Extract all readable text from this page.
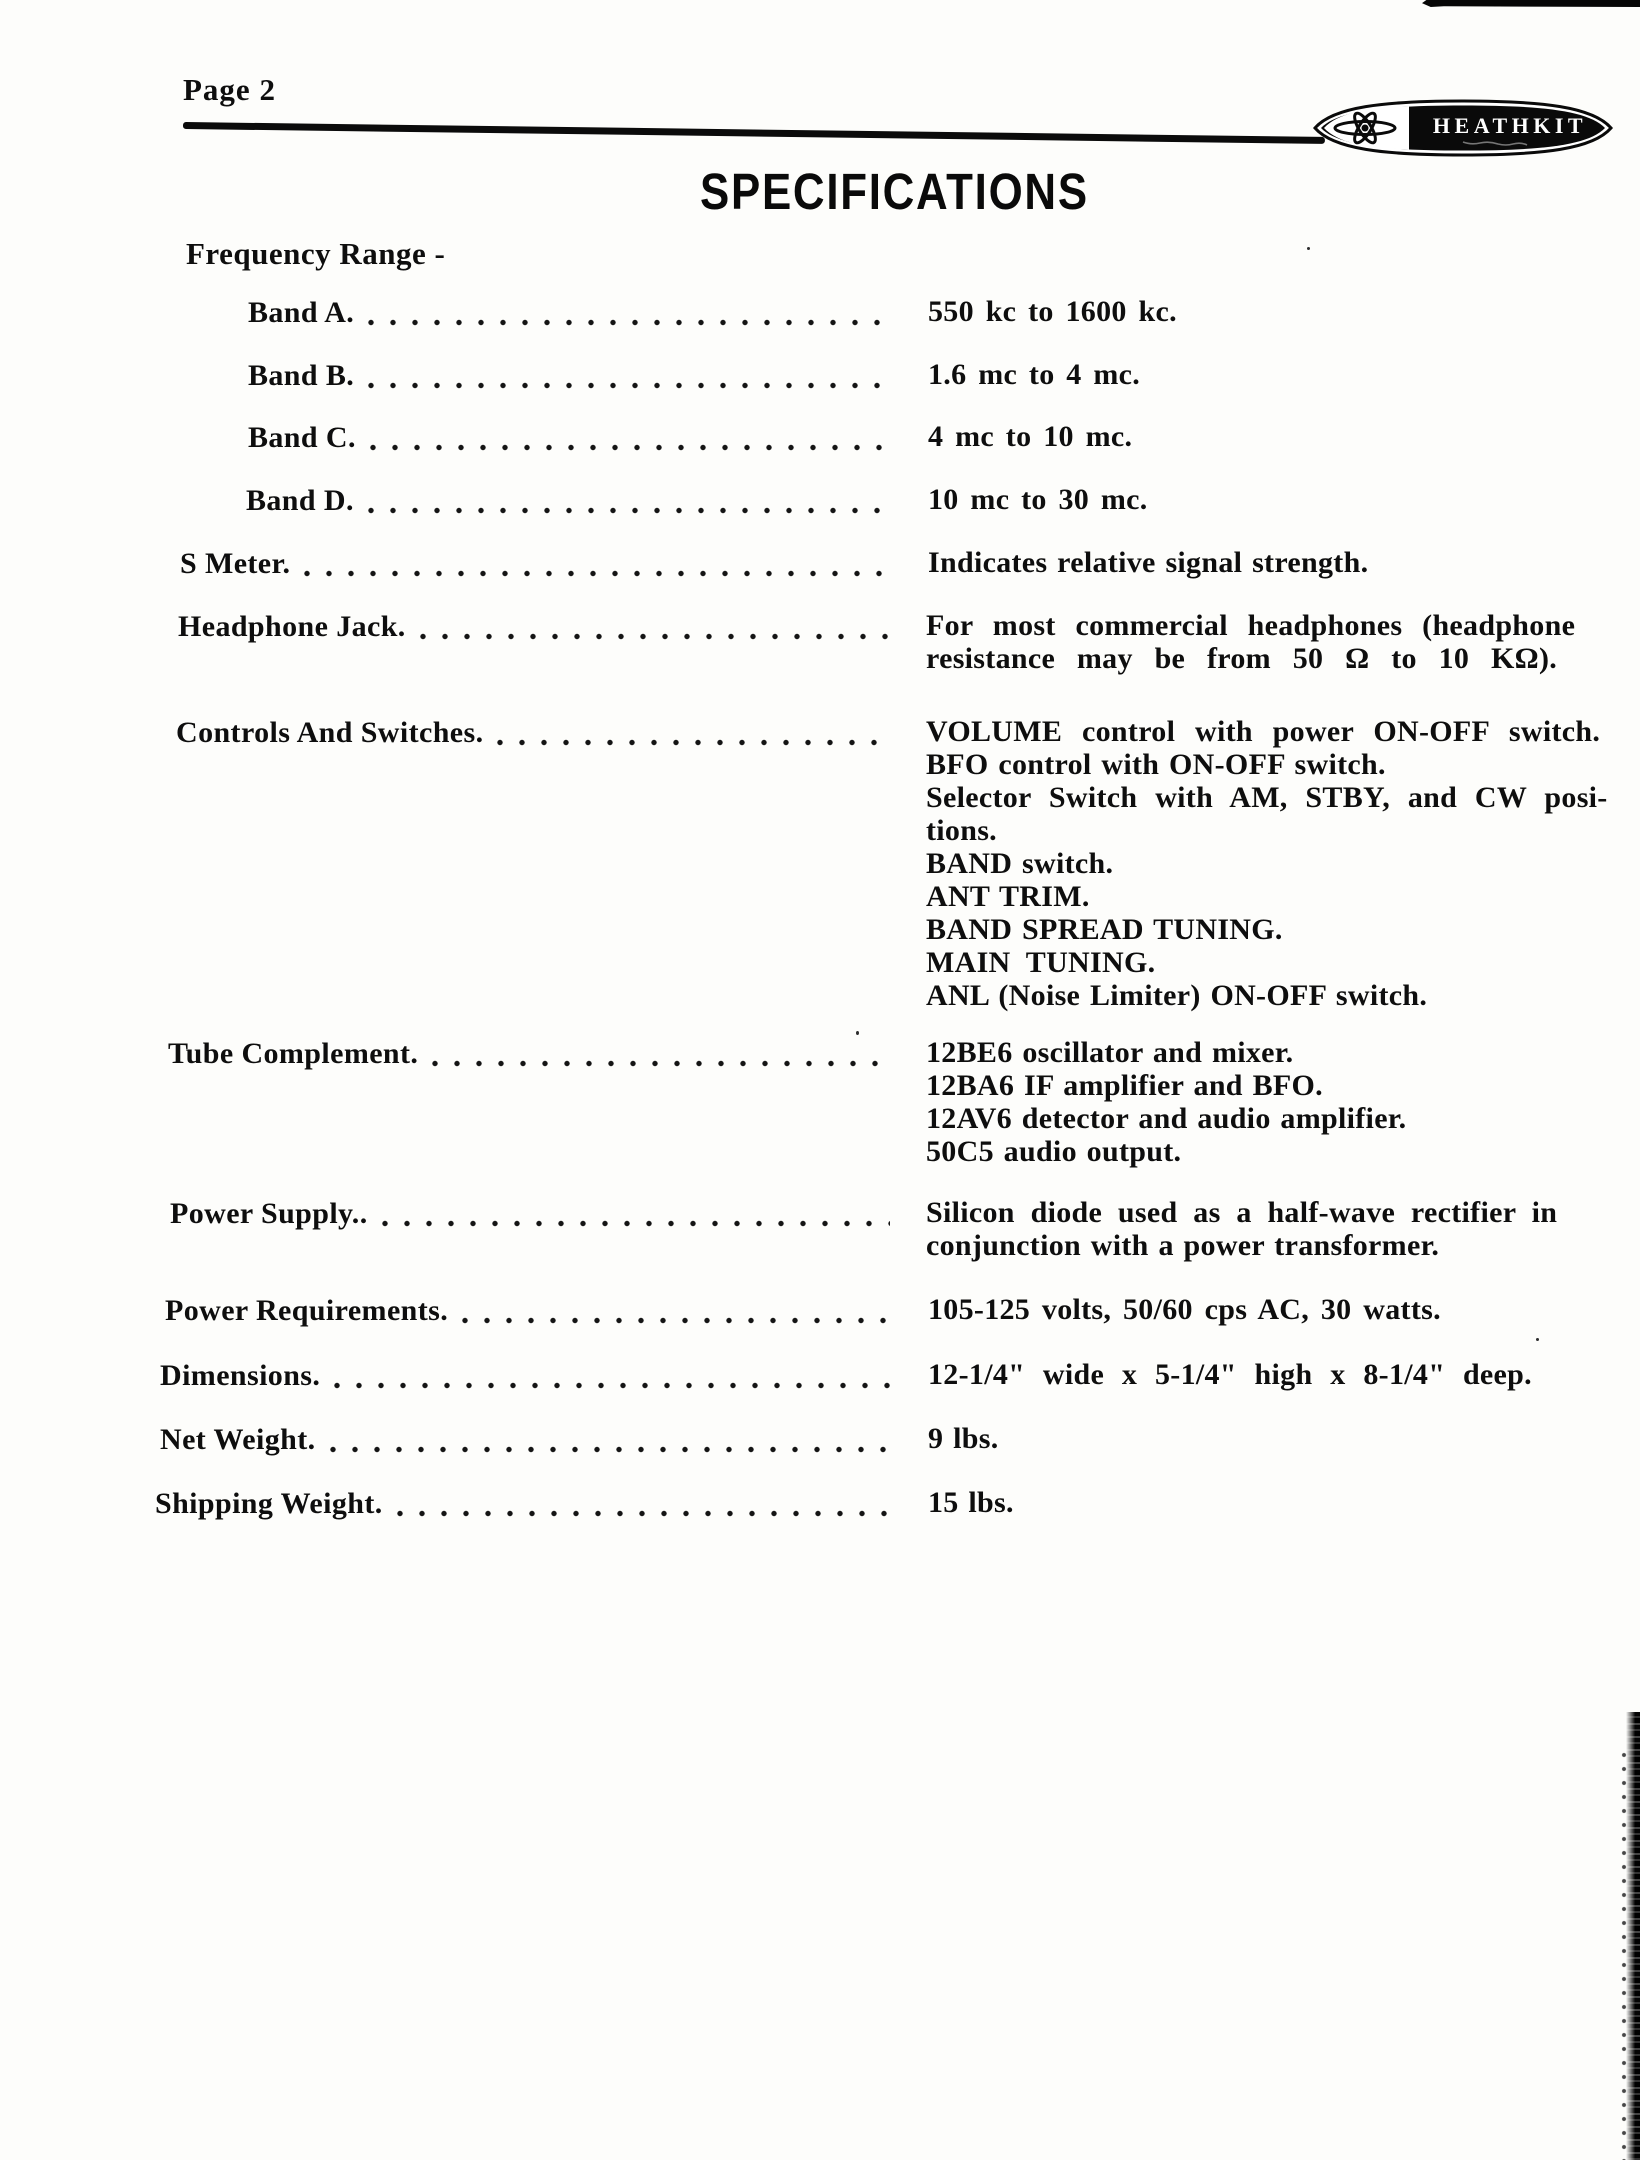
Page 2
HEATHKIT
SPECIFICATIONS
Frequency Range -
Band A.
Band B.
Band C.
Band D.
S Meter.
Headphone Jack.
Controls And Switches.
Tube Complement.
Power Supply..
Power Requirements.
Dimensions.
Net Weight.
Shipping Weight.
550 kc to 1600 kc.
1.6 mc to 4 mc.
4 mc to 10 mc.
10 mc to 30 mc.
Indicates relative signal strength.
For most commercial headphones (headphone
resistance may be from 50 Ω to 10 KΩ).
VOLUME control with power ON-OFF switch.
BFO control with ON-OFF switch.
Selector Switch with AM, STBY, and CW posi-
tions.
BAND switch.
ANT TRIM.
BAND SPREAD TUNING.
MAIN TUNING.
ANL (Noise Limiter) ON-OFF switch.
12BE6 oscillator and mixer.
12BA6 IF amplifier and BFO.
12AV6 detector and audio amplifier.
50C5 audio output.
Silicon diode used as a half-wave rectifier in
conjunction with a power transformer.
105-125 volts, 50/60 cps AC, 30 watts.
12-1/4" wide x 5-1/4" high x 8-1/4" deep.
9 lbs.
15 lbs.
